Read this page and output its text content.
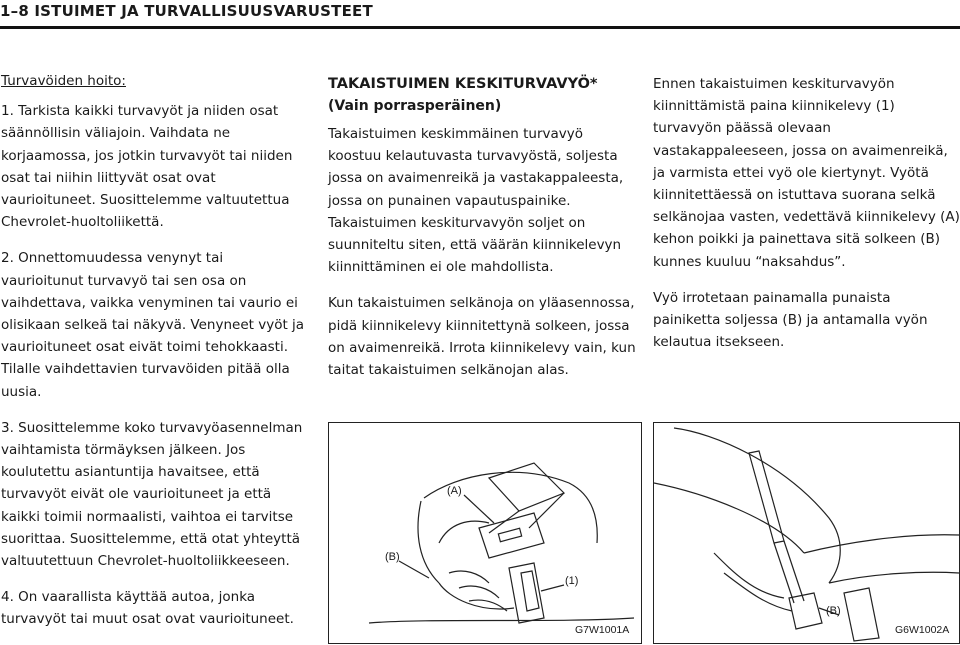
1–8 ISTUIMET JA TURVALLISUUSVARUSTEET
Turvavöiden hoito:
1. Tarkista kaikki turvavyöt ja niiden osat säännöllisin väliajoin. Vaihdata ne korjaamossa, jos jotkin turvavyöt tai niiden osat tai niihin liittyvät osat ovat vaurioituneet. Suosittelemme valtuutettua Chevrolet-huoltoliikettä.
2. Onnettomuudessa venynyt tai vaurioitunut turvavyö tai sen osa on vaihdettava, vaikka venyminen tai vaurio ei olisikaan selkeä tai näkyvä. Venyneet vyöt ja vaurioituneet osat eivät toimi tehokkaasti. Tilalle vaihdettavien turvavöiden pitää olla uusia.
3. Suosittelemme koko turvavyöasennelman vaihtamista törmäyksen jälkeen. Jos koulutettu asiantuntija havaitsee, että turvavyöt eivät ole vaurioituneet ja että kaikki toimii normaalisti, vaihtoa ei tarvitse suorittaa. Suosittelemme, että otat yhteyttä valtuutettuun Chevrolet-huoltoliikkeeseen.
4. On vaarallista käyttää autoa, jonka turvavyöt tai muut osat ovat vaurioituneet.
TAKAISTUIMEN KESKITURVAVYÖ*
(Vain porrasperäinen)
Takaistuimen keskimmäinen turvavyö koostuu kelautuvasta turvavyöstä, soljesta jossa on avaimenreikä ja vastakappaleesta, jossa on punainen vapautuspainike. Takaistuimen keskiturvavyön soljet on suunniteltu siten, että väärän kiinnikelevyn kiinnittäminen ei ole mahdollista.
Kun takaistuimen selkänoja on yläasennossa, pidä kiinnikelevy kiinnitettynä solkeen, jossa on avaimenreikä. Irrota kiinnikelevy vain, kun taitat takaistuimen selkänojan alas.
Ennen takaistuimen keskiturvavyön kiinnittämistä paina kiinnikelevy (1) turvavyön päässä olevaan vastakappaleeseen, jossa on avaimenreikä, ja varmista ettei vyö ole kiertynyt. Vyötä kiinnitettäessä on istuttava suorana selkä selkänojaa vasten, vedettävä kiinnikelevy (A) kehon poikki ja painettava sitä solkeen (B) kunnes kuuluu “naksahdus”.
Vyö irrotetaan painamalla punaista painiketta soljessa (B) ja antamalla vyön kelautua itsekseen.
(A)
(B)
(1)
G7W1001A
(B)
G6W1002A
